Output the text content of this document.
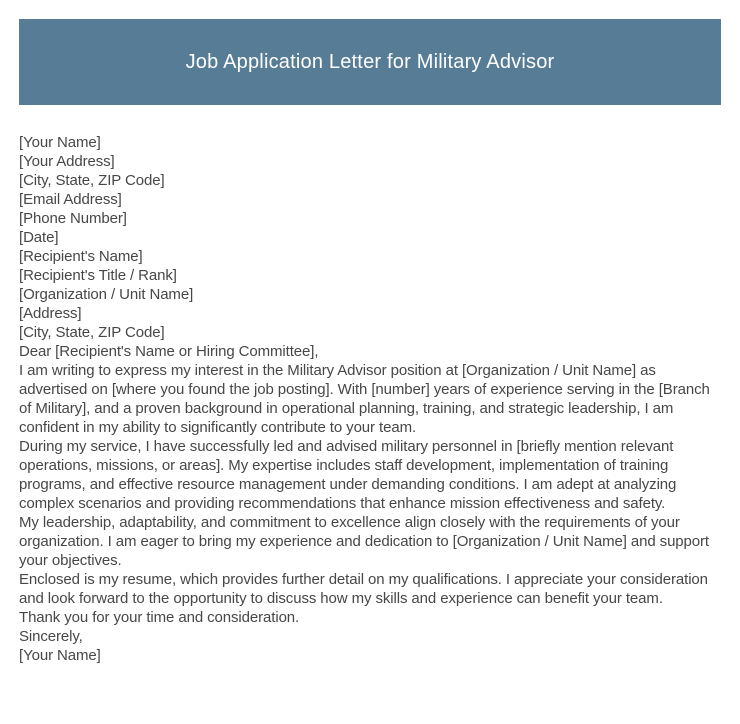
Job Application Letter for Military Advisor
[Your Name]
[Your Address]
[City, State, ZIP Code]
[Email Address]
[Phone Number]
[Date]
[Recipient's Name]
[Recipient's Title / Rank]
[Organization / Unit Name]
[Address]
[City, State, ZIP Code]

Dear [Recipient's Name or Hiring Committee],

I am writing to express my interest in the Military Advisor position at [Organization / Unit Name] as advertised on [where you found the job posting]. With [number] years of experience serving in the [Branch of Military], and a proven background in operational planning, training, and strategic leadership, I am confident in my ability to significantly contribute to your team.

During my service, I have successfully led and advised military personnel in [briefly mention relevant operations, missions, or areas]. My expertise includes staff development, implementation of training programs, and effective resource management under demanding conditions. I am adept at analyzing complex scenarios and providing recommendations that enhance mission effectiveness and safety.

My leadership, adaptability, and commitment to excellence align closely with the requirements of your organization. I am eager to bring my experience and dedication to [Organization / Unit Name] and support your objectives.

Enclosed is my resume, which provides further detail on my qualifications. I appreciate your consideration and look forward to the opportunity to discuss how my skills and experience can benefit your team.

Thank you for your time and consideration.

Sincerely,

[Your Name]
